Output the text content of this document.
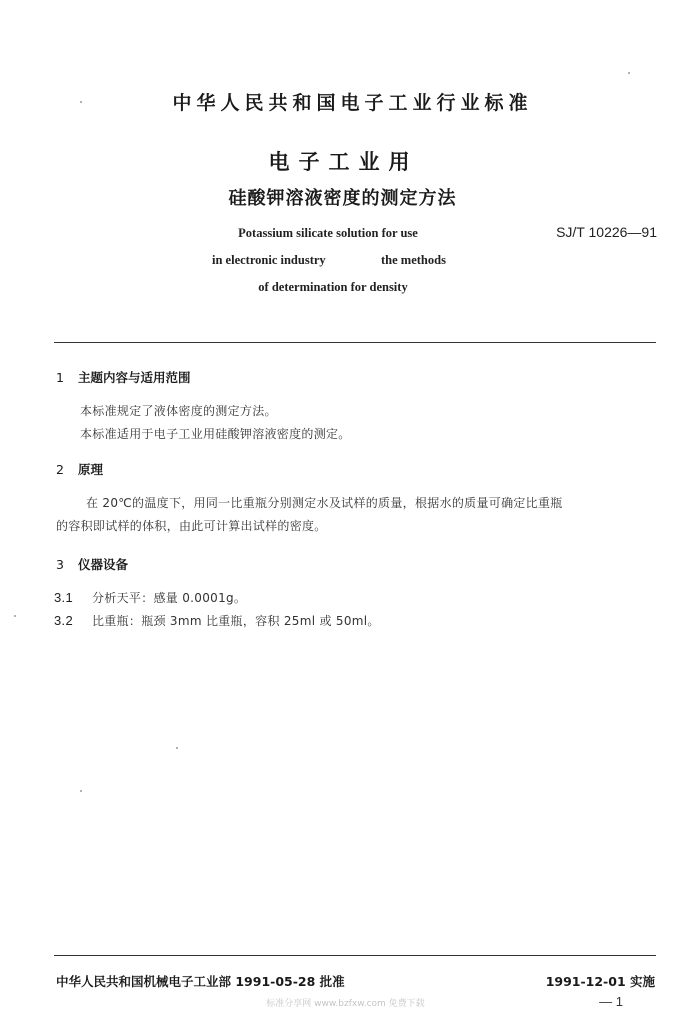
中华人民共和国电子工业行业标准
电子工业用
硅酸钾溶液密度的测定方法
Potassium silicate solution for use
in electronic industry	the methods
of determination for density
SJ/T 10226—91
1 主题内容与适用范围
本标准规定了液体密度的测定方法。
本标准适用于电子工业用硅酸钾溶液密度的测定。
2 原理
在 20℃的温度下，用同一比重瓶分别测定水及试样的质量，根据水的质量可确定比重瓶
的容积即试样的体积，由此可计算出试样的密度。
3 仪器设备
3.1 分析天平：感量 0.0001g。
3.2 比重瓶：瓶颈 3mm 比重瓶，容积 25ml 或 50ml。
中华人民共和国机械电子工业部 1991-05-28 批准	1991-12-01 实施
标准分享网 www.bzfxw.com 免费下载	— 1
